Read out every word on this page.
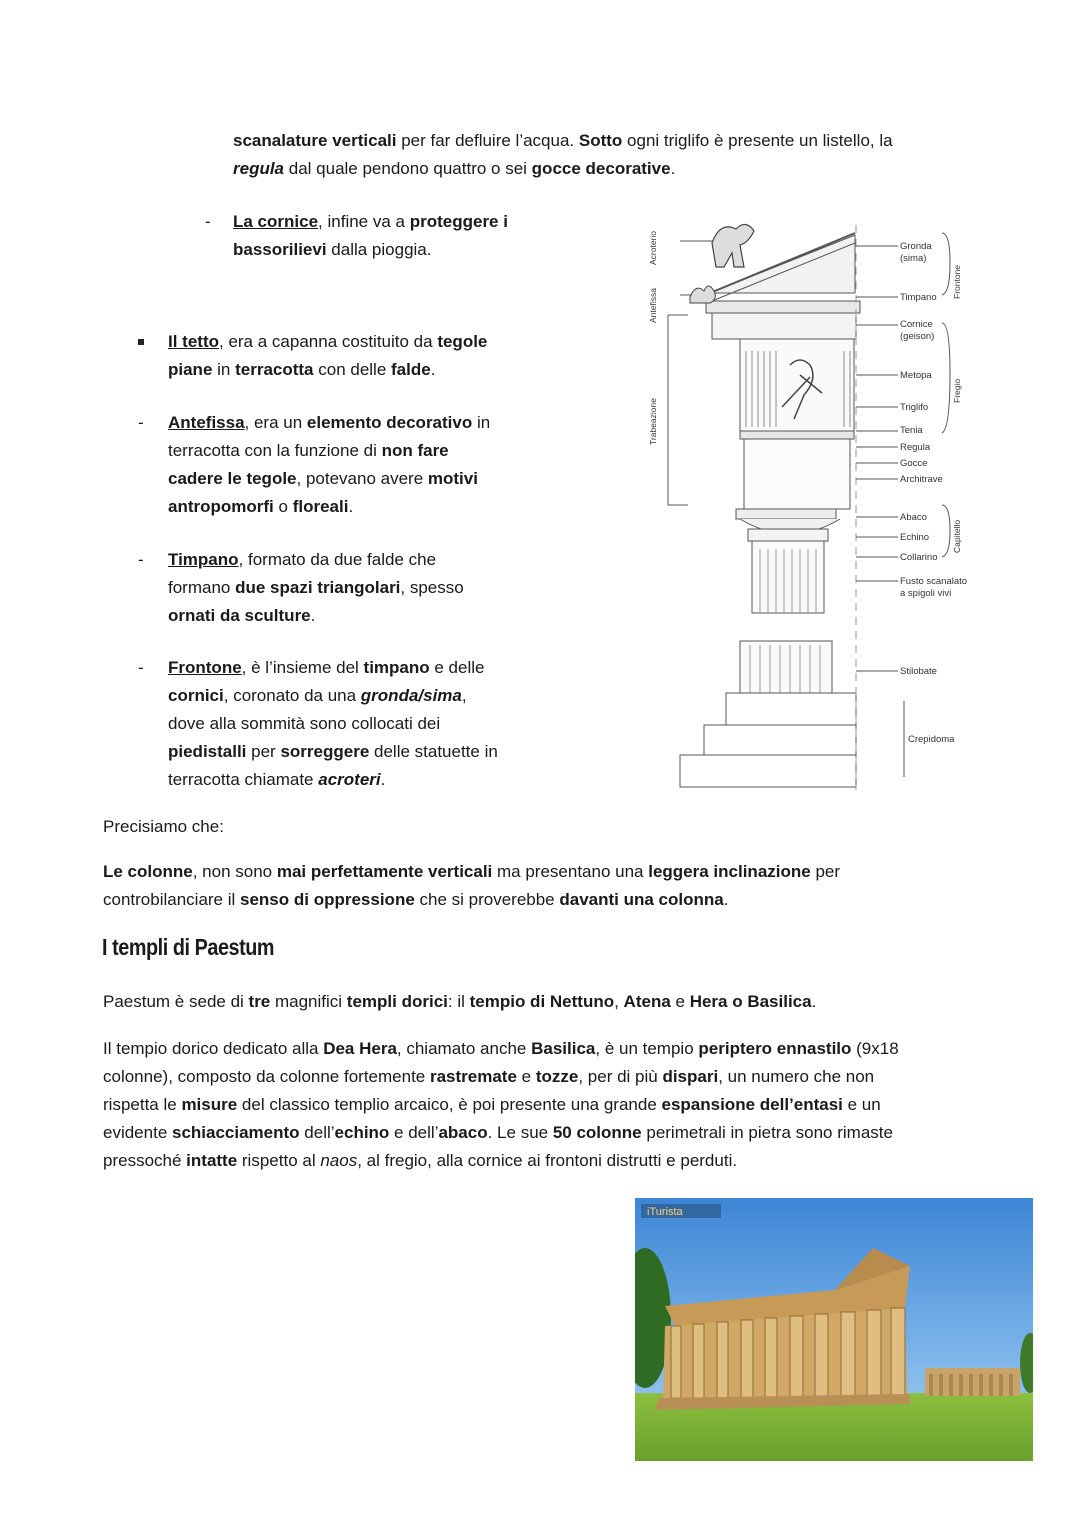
scanalature verticali per far defluire l’acqua. Sotto ogni triglifo è presente un listello, la
regula dal quale pendono quattro o sei gocce decorative.
- La cornice, infine va a proteggere i
bassorilievi dalla pioggia.
Il tetto, era a capanna costituito da tegole
piane in terracotta con delle falde.
- Antefissa, era un elemento decorativo in
terracotta con la funzione di non fare
cadere le tegole, potevano avere motivi
antropomorfi o floreali.
- Timpano, formato da due falde che
formano due spazi triangolari, spesso
ornati da sculture.
- Frontone, è l’insieme del timpano e delle
cornici, coronato da una gronda/sima,
dove alla sommità sono collocati dei
piedistalli per sorreggere delle statuette in
terracotta chiamate acroteri.
Precisiamo che:
Le colonne, non sono mai perfettamente verticali ma presentano una leggera inclinazione per
controbilanciare il senso di oppressione che si proverebbe davanti una colonna.
I templi di Paestum
Paestum è sede di tre magnifici templi dorici: il tempio di Nettuno, Atena e Hera o Basilica.
Il tempio dorico dedicato alla Dea Hera, chiamato anche Basilica, è un tempio periptero ennastilo (9x18
colonne), composto da colonne fortemente rastremate e tozze, per di più dispari, un numero che non
rispetta le misure del classico templio arcaico, è poi presente una grande espansione dell’entasi e un
evidente schiacciamento dell’echino e dell’abaco. Le sue 50 colonne perimetrali in pietra sono rimaste
pressoché intatte rispetto al naos, al fregio, alla cornice ai frontoni distrutti e perduti.
Gronda
(sima)
Timpano
Cornice
(geison)
Metopa
Triglifo
Tenia
Regula
Gocce
Architrave
Abaco
Echino
Collarino
Fusto scanalato
a spigoli vivi
Stilobate
Crepidoma
Frontone
Fregio
Capitello
Antefissa
Acroterio
Trabeazione
iTurista
